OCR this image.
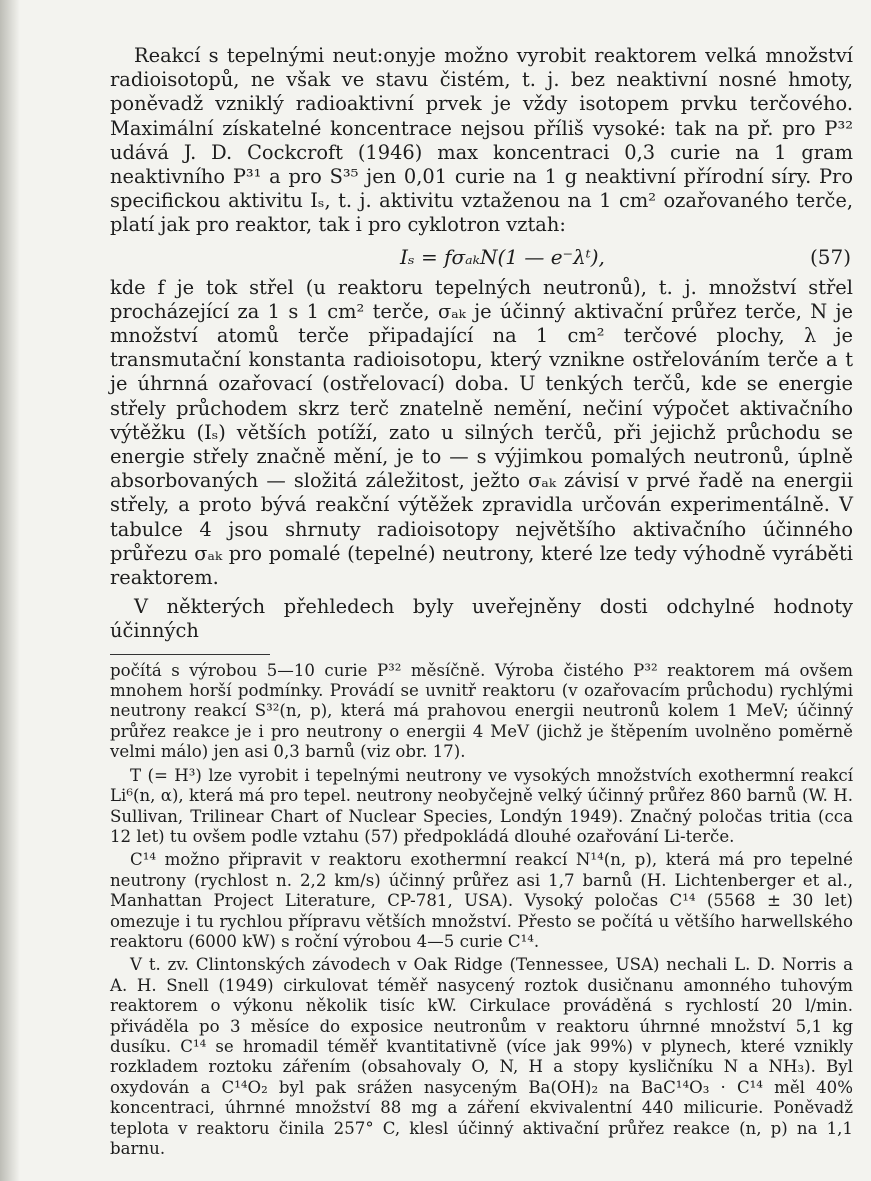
Reakcí s tepelnými neut:onyje možno vyrobit reaktorem velká množství radioisotopů, ne však ve stavu čistém, t. j. bez neaktivní nosné hmoty, poněvadž vzniklý radioaktivní prvek je vždy isotopem prvku terčového. Maximální získatelné koncentrace nejsou příliš vysoké: tak na př. pro P³² udává J. D. Cockcroft (1946) max koncentraci 0,3 curie na 1 gram neaktivního P³¹ a pro S³⁵ jen 0,01 curie na 1 g neaktivní přírodní síry. Pro specifickou aktivitu Iₛ, t. j. aktivitu vztaženou na 1 cm² ozařovaného terče, platí jak pro reaktor, tak i pro cyklotron vztah:

Iₛ = fσₐₖN(1 — e⁻λᵗ),	(57)

kde f je tok střel (u reaktoru tepelných neutronů), t. j. množství střel procházející za 1 s 1 cm² terče, σₐₖ je účinný aktivační průřez terče, N je množství atomů terče připadající na 1 cm² terčové plochy, λ je transmutační konstanta radioisotopu, který vznikne ostřelováním terče a t je úhrnná ozařovací (ostřelovací) doba. U tenkých terčů, kde se energie střely průchodem skrz terč znatelně nemění, nečiní výpočet aktivačního výtěžku (Iₛ) větších potíží, zato u silných terčů, při jejichž průchodu se energie střely značně mění, je to — s výjimkou pomalých neutronů, úplně absorbovaných — složitá záležitost, ježto σₐₖ závisí v prvé řadě na energii střely, a proto bývá reakční výtěžek zpravidla určován experimentálně. V tabulce 4 jsou shrnuty radioisotopy největšího aktivačního účinného průřezu σₐₖ pro pomalé (tepelné) neutrony, které lze tedy výhodně vyráběti reaktorem.

V některých přehledech byly uveřejněny dosti odchylné hodnoty účinných

počítá s výrobou 5—10 curie P³² měsíčně. Výroba čistého P³² reaktorem má ovšem mnohem horší podmínky. Provádí se uvnitř reaktoru (v ozařovacím průchodu) rychlými neutrony reakcí S³²(n, p), která má prahovou energii neutronů kolem 1 MeV; účinný průřez reakce je i pro neutrony o energii 4 MeV (jichž je štěpením uvolněno poměrně velmi málo) jen asi 0,3 barnů (viz obr. 17).

T (= H³) lze vyrobit i tepelnými neutrony ve vysokých množstvích exothermní reakcí Li⁶(n, α), která má pro tepel. neutrony neobyčejně velký účinný průřez 860 barnů (W. H. Sullivan, Trilinear Chart of Nuclear Species, Londýn 1949). Značný poločas tritia (cca 12 let) tu ovšem podle vztahu (57) předpokládá dlouhé ozařování Li-terče.

C¹⁴ možno připravit v reaktoru exothermní reakcí N¹⁴(n, p), která má pro tepelné neutrony (rychlost n. 2,2 km/s) účinný průřez asi 1,7 barnů (H. Lichtenberger et al., Manhattan Project Literature, CP-781, USA). Vysoký poločas C¹⁴ (5568 ± 30 let) omezuje i tu rychlou přípravu větších množství. Přesto se počítá u většího harwellského reaktoru (6000 kW) s roční výrobou 4—5 curie C¹⁴.

V t. zv. Clintonských závodech v Oak Ridge (Tennessee, USA) nechali L. D. Norris a A. H. Snell (1949) cirkulovat téměř nasycený roztok dusičnanu amonného tuhovým reaktorem o výkonu několik tisíc kW. Cirkulace prováděná s rychlostí 20 l/min. přiváděla po 3 měsíce do exposice neutronům v reaktoru úhrnné množství 5,1 kg dusíku. C¹⁴ se hromadil téměř kvantitativně (více jak 99%) v plynech, které vznikly rozkladem roztoku zářením (obsahovaly O, N, H a stopy kysličníku N a NH₃). Byl oxydován a C¹⁴O₂ byl pak srážen nasyceným Ba(OH)₂ na BaC¹⁴O₃ · C¹⁴ měl 40% koncentraci, úhrnné množství 88 mg a záření ekvivalentní 440 milicurie. Poněvadž teplota v reaktoru činila 257° C, klesl účinný aktivační průřez reakce (n, p) na 1,1 barnu.
